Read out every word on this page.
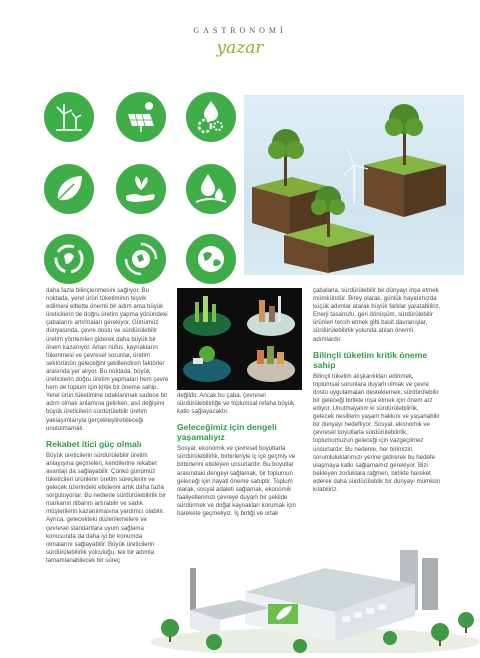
GASTRONOMİ
yazar

daha fazla bilinçlenmesini sağlıyor. Bu noktada, yerel ürün tüketiminin teşvik edilmesi elbette önemli bir adım ama büyük üreticilerin de doğru üretim yapma yönündeki çabalarını artırmaları gerekiyor. Günümüz dünyasında, çevre dostu ve sürdürülebilir üretim yöntemleri giderek daha büyük bir önem kazanıyor. Artan nüfus, kaynakların tükenmesi ve çevresel sorunlar, üretim sektörünün geleceğini şekillendiren faktörler arasında yer alıyor. Bu noktada, büyük üreticilerin doğru üretim yapmaları hem çevre hem de toplum için kritik bir öneme sahip. Yerel ürün tüketimine odaklanmak sadece bir adım olmak anlamına gelirken, asıl değişimi büyük üreticilerin sürdürülebilir üretim yaklaşımlarıyla gerçekleştirebileceği unutulmamalı.

Rekabet itici güç olmalı

Büyük üreticilerin sürdürülebilir üretim anlayışına geçmeleri, kendilerine rekabet avantajı da sağlayabilir. Çünkü günümüz tüketicileri ürünlerin üretim süreçlerini ve gelecek üzerindeki etkilerini artık daha fazla sorguluyorlar. Bu nedenle sürdürülebilirlik bir markanın itibarını artırabilir ve sadık müşterilerin kazanılmasına yardımcı olabilir. Ayrıca, gelecekteki düzenlemelere ve çevresel standartlara uyum sağlama konusunda da daha iyi bir konumda olmalarını sağlayabilir. Büyük üreticilerin sürdürülebilirlik yolculuğu, tek bir adımla tamamlanabilecek bir süreç

değildir. Ancak bu çaba, çevresel sürdürülebilirliğe ve toplumsal refaha büyük katkı sağlayacaktır.

Geleceğimiz için dengeli yaşamalıyız

Sosyal, ekonomik ve çevresel boyutlarla sürdürülebilirlik, birbirleriyle iç içe geçmiş ve birbirlerini etkileyen unsurlardır. Bu boyutlar arasındaki dengeyi sağlamak, bir toplumun geleceği için hayati öneme sahiptir. Toplum olarak, sosyal adaleti sağlamak, ekonomik faaliyetlerimizi çevreye duyarlı bir şekilde sürdürmek ve doğal kaynakları korumak için harekete geçmeliyiz. İş birliği ve ortak

çabalarla, sürdürülebilir bir dünyayı inşa etmek mümkündür. Birey olarak, günlük hayatımızda küçük adımlar atarak büyük farklar yaratabiliriz. Enerji tasarrufu, geri dönüşüm, sürdürülebilir ürünleri tercih etmek gibi basit davranışlar, sürdürülebilirlik yolunda atılan önemli adımlardır.

Bilinçli tüketim kritik öneme sahip

Bilinçli tüketim alışkanlıkları edinmek, toplumsal sorunlara duyarlı olmak ve çevre dostu uygulamaları desteklemek, sürdürülebilir bir geleceği birlikte inşa etmek için önem arz ediyor. Unutmayalım ki sürdürülebilirlik, gelecek nesillerin yaşam hakkını ve yaşanabilir bir dünyayı hedefliyor. Sosyal, ekonomik ve çevresel boyutlarla sürdürülebilirlik, toplumumuzun geleceği için vazgeçilmez unsurlardır. Bu nedenle, her birimizin sorumluluklarımızı yerine getirerek bu hedefe ulaşmaya katkı sağlamamız gerekiyor. Bizi bekleyen zorluklara rağmen, birlikte hareket ederek daha sürdürülebilir bir dünyayı mümkün kılabiliriz.
